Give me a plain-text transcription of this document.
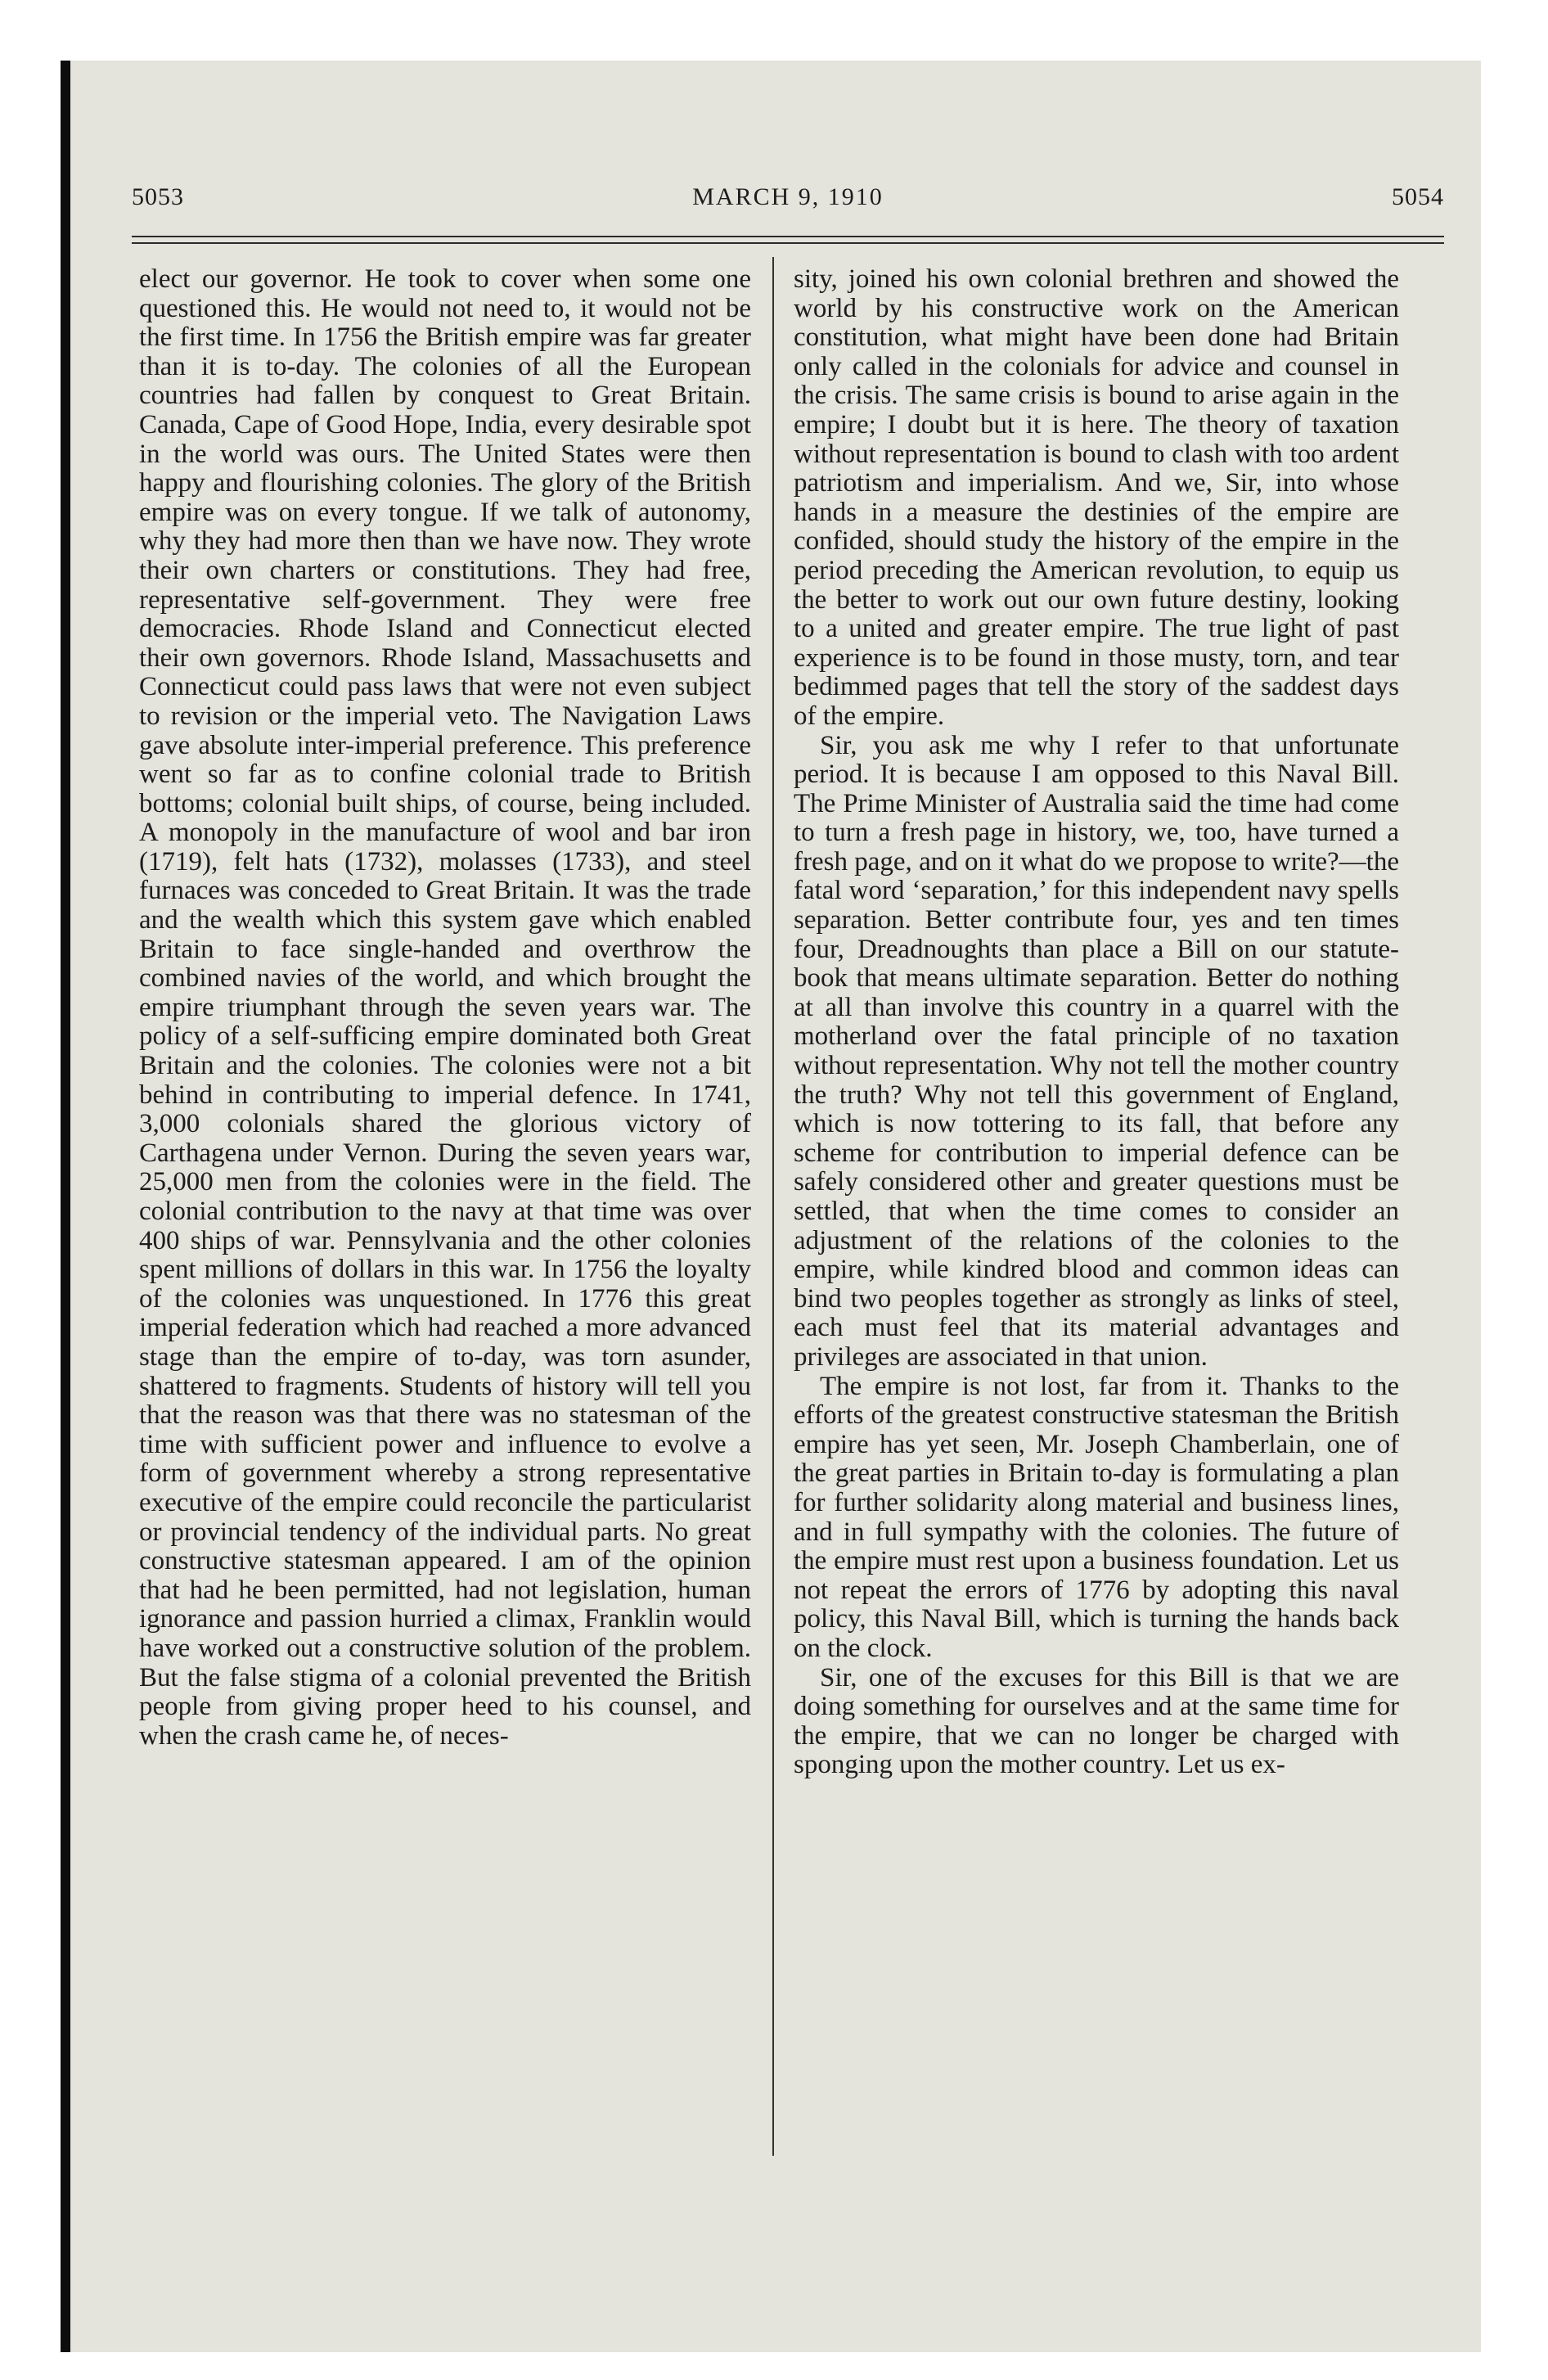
5053	MARCH 9, 1910	5054

elect our governor. He took to cover when some one questioned this. He would not need to, it would not be the first time. In 1756 the British empire was far greater than it is to-day. The colonies of all the European countries had fallen by conquest to Great Britain. Canada, Cape of Good Hope, India, every desirable spot in the world was ours. The United States were then happy and flourishing colonies. The glory of the British empire was on every tongue. If we talk of autonomy, why they had more then than we have now. They wrote their own charters or constitutions. They had free, representative self-government. They were free democracies. Rhode Island and Connecticut elected their own governors. Rhode Island, Massachusetts and Connecticut could pass laws that were not even subject to revision or the imperial veto. The Navigation Laws gave absolute inter-imperial preference. This preference went so far as to confine colonial trade to British bottoms; colonial built ships, of course, being included. A monopoly in the manufacture of wool and bar iron (1719), felt hats (1732), molasses (1733), and steel furnaces was conceded to Great Britain. It was the trade and the wealth which this system gave which enabled Britain to face single-handed and overthrow the combined navies of the world, and which brought the empire triumphant through the seven years war. The policy of a self-sufficing empire dominated both Great Britain and the colonies. The colonies were not a bit behind in contributing to imperial defence. In 1741, 3,000 colonials shared the glorious victory of Carthagena under Vernon. During the seven years war, 25,000 men from the colonies were in the field. The colonial contribution to the navy at that time was over 400 ships of war. Pennsylvania and the other colonies spent millions of dollars in this war. In 1756 the loyalty of the colonies was unquestioned. In 1776 this great imperial federation which had reached a more advanced stage than the empire of to-day, was torn asunder, shattered to fragments. Students of history will tell you that the reason was that there was no statesman of the time with sufficient power and influence to evolve a form of government whereby a strong representative executive of the empire could reconcile the particularist or provincial tendency of the individual parts. No great constructive statesman appeared. I am of the opinion that had he been permitted, had not legislation, human ignorance and passion hurried a climax, Franklin would have worked out a constructive solution of the problem. But the false stigma of a colonial prevented the British people from giving proper heed to his counsel, and when the crash came he, of neces-

sity, joined his own colonial brethren and showed the world by his constructive work on the American constitution, what might have been done had Britain only called in the colonials for advice and counsel in the crisis. The same crisis is bound to arise again in the empire; I doubt but it is here. The theory of taxation without representation is bound to clash with too ardent patriotism and imperialism. And we, Sir, into whose hands in a measure the destinies of the empire are confided, should study the history of the empire in the period preceding the American revolution, to equip us the better to work out our own future destiny, looking to a united and greater empire. The true light of past experience is to be found in those musty, torn, and tear bedimmed pages that tell the story of the saddest days of the empire.

Sir, you ask me why I refer to that unfortunate period. It is because I am opposed to this Naval Bill. The Prime Minister of Australia said the time had come to turn a fresh page in history, we, too, have turned a fresh page, and on it what do we propose to write?—the fatal word ‘separation,’ for this independent navy spells separation. Better contribute four, yes and ten times four, Dreadnoughts than place a Bill on our statute-book that means ultimate separation. Better do nothing at all than involve this country in a quarrel with the motherland over the fatal principle of no taxation without representation. Why not tell the mother country the truth? Why not tell this government of England, which is now tottering to its fall, that before any scheme for contribution to imperial defence can be safely considered other and greater questions must be settled, that when the time comes to consider an adjustment of the relations of the colonies to the empire, while kindred blood and common ideas can bind two peoples together as strongly as links of steel, each must feel that its material advantages and privileges are associated in that union.

The empire is not lost, far from it. Thanks to the efforts of the greatest constructive statesman the British empire has yet seen, Mr. Joseph Chamberlain, one of the great parties in Britain to-day is formulating a plan for further solidarity along material and business lines, and in full sympathy with the colonies. The future of the empire must rest upon a business foundation. Let us not repeat the errors of 1776 by adopting this naval policy, this Naval Bill, which is turning the hands back on the clock.

Sir, one of the excuses for this Bill is that we are doing something for ourselves and at the same time for the empire, that we can no longer be charged with sponging upon the mother country. Let us ex-
